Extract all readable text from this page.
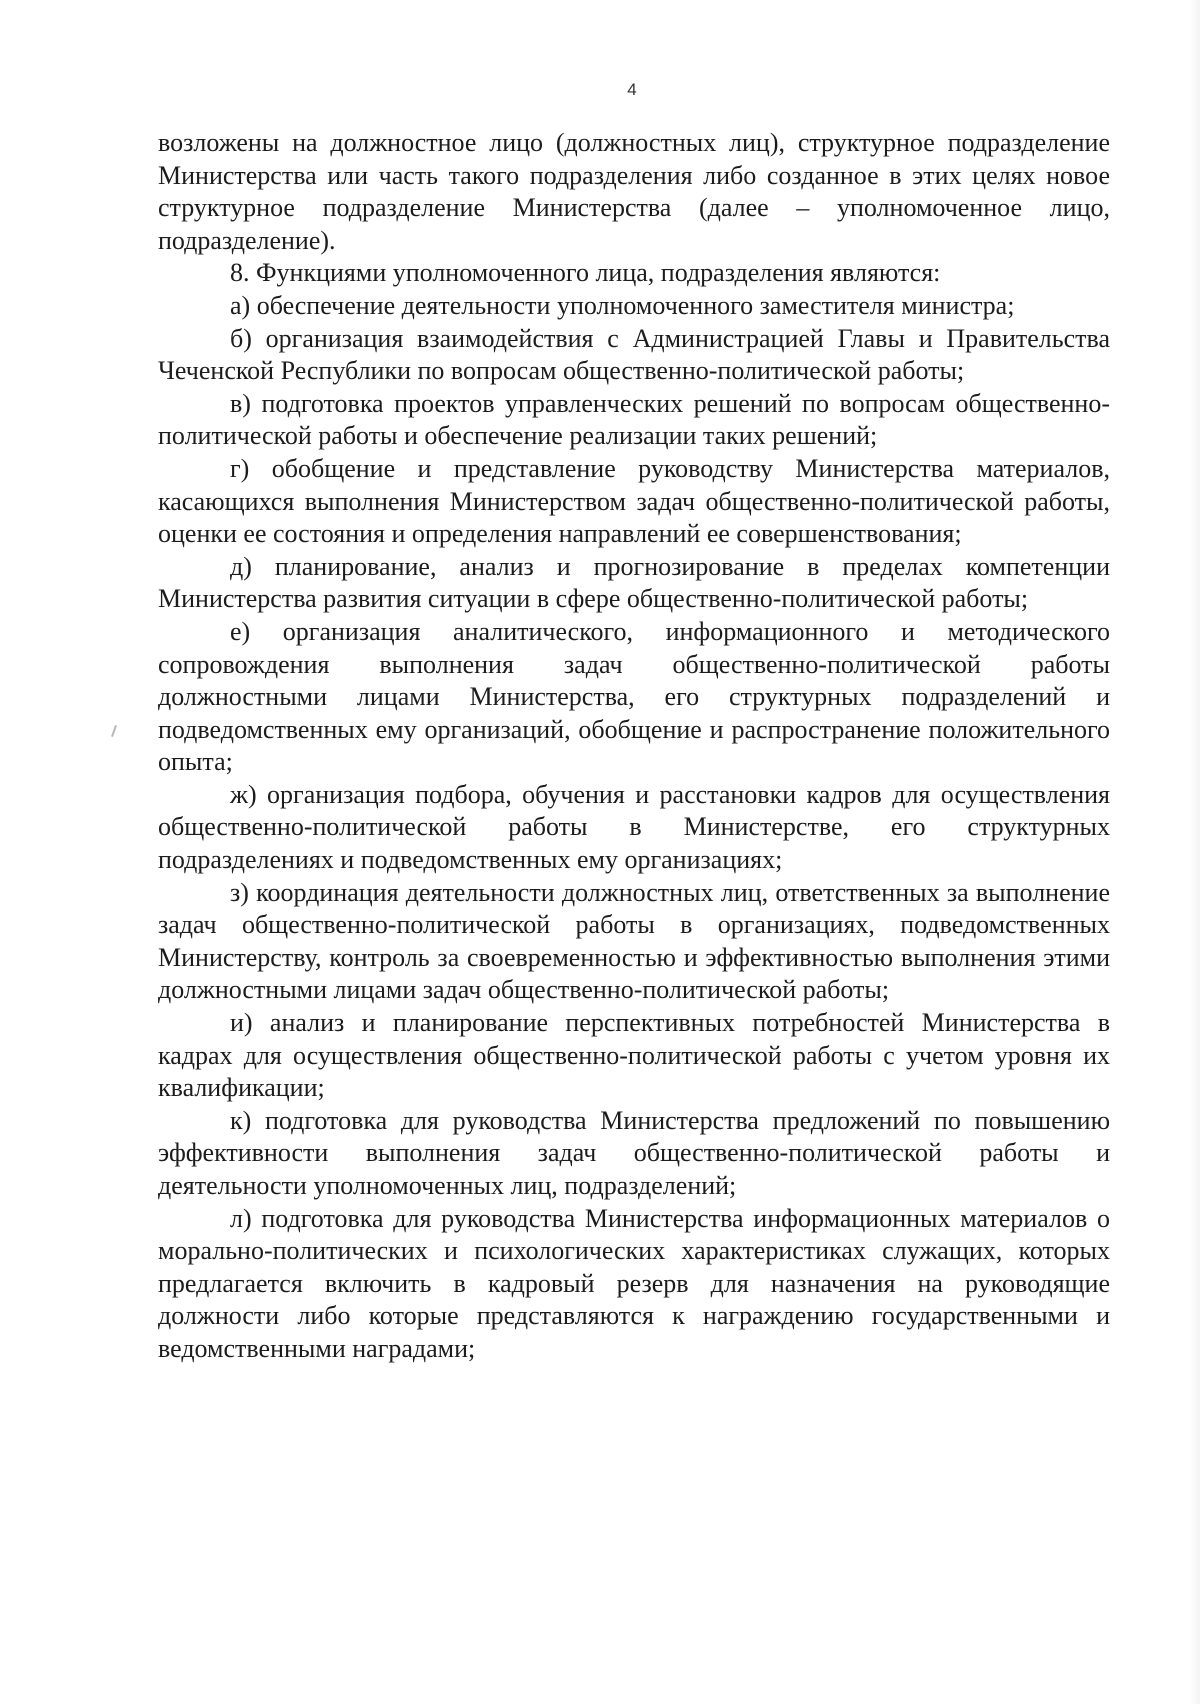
4

возложены на должностное лицо (должностных лиц), структурное подразделение Министерства или часть такого подразделения либо созданное в этих целях новое структурное подразделение Министерства (далее – уполномоченное лицо, подразделение).

8. Функциями уполномоченного лица, подразделения являются:

а) обеспечение деятельности уполномоченного заместителя министра;

б) организация взаимодействия с Администрацией Главы и Правительства Чеченской Республики по вопросам общественно-политической работы;

в) подготовка проектов управленческих решений по вопросам общественно-политической работы и обеспечение реализации таких решений;

г) обобщение и представление руководству Министерства материалов, касающихся выполнения Министерством задач общественно-политической работы, оценки ее состояния и определения направлений ее совершенствования;

д) планирование, анализ и прогнозирование в пределах компетенции Министерства развития ситуации в сфере общественно-политической работы;

е) организация аналитического, информационного и методического сопровождения выполнения задач общественно-политической работы должностными лицами Министерства, его структурных подразделений и подведомственных ему организаций, обобщение и распространение положительного опыта;

ж) организация подбора, обучения и расстановки кадров для осуществления общественно-политической работы в Министерстве, его структурных подразделениях и подведомственных ему организациях;

з) координация деятельности должностных лиц, ответственных за выполнение задач общественно-политической работы в организациях, подведомственных Министерству, контроль за своевременностью и эффективностью выполнения этими должностными лицами задач общественно-политической работы;

и) анализ и планирование перспективных потребностей Министерства в кадрах для осуществления общественно-политической работы с учетом уровня их квалификации;

к) подготовка для руководства Министерства предложений по повышению эффективности выполнения задач общественно-политической работы и деятельности уполномоченных лиц, подразделений;

л) подготовка для руководства Министерства информационных материалов о морально-политических и психологических характеристиках служащих, которых предлагается включить в кадровый резерв для назначения на руководящие должности либо которые представляются к награждению государственными и ведомственными наградами;
